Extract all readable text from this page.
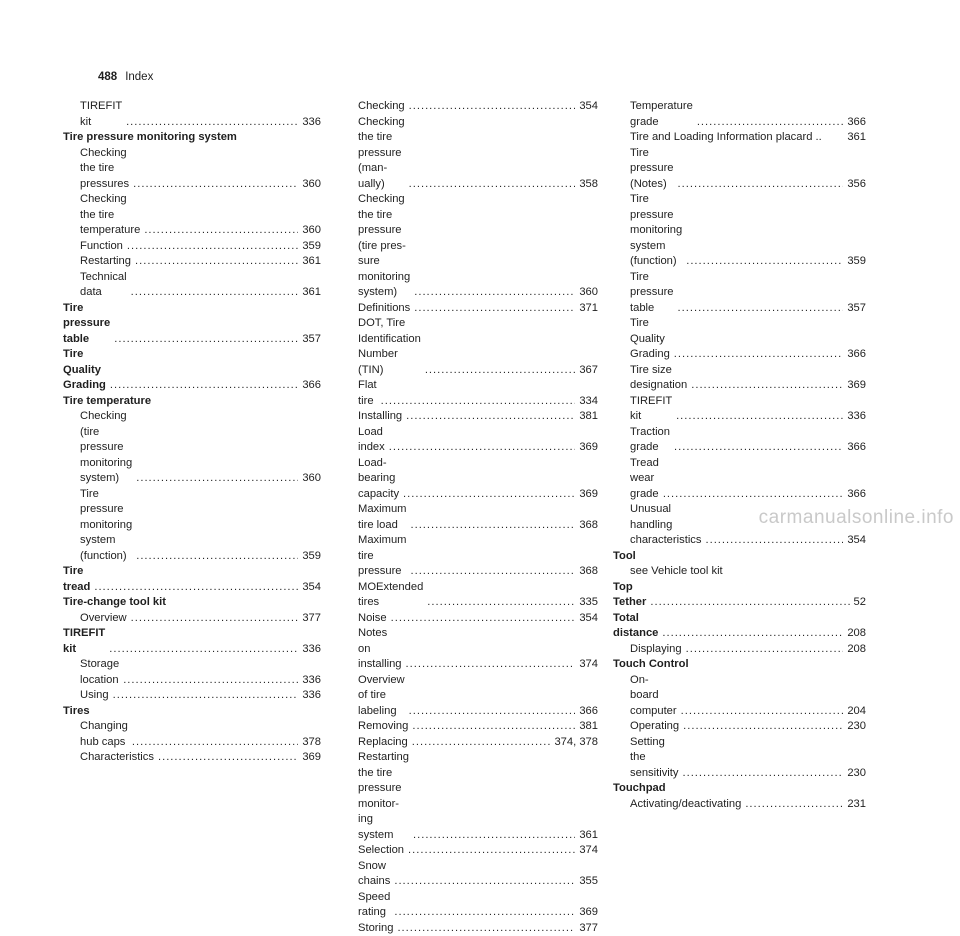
488 Index
TIREFIT kit .....	336
Tire pressure monitoring system
Checking the tire pressures .....	360
Checking the tire temperature .....	360
Function .....	359
Restarting .....	361
Technical data .....	361
Tire pressure table .....	357
Tire Quality Grading .....	366
Tire temperature
Checking (tire pressure monitoring
system) .....	360
Tire pressure monitoring system
(function) .....	359
Tire tread .....	354
Tire-change tool kit
Overview .....	377
TIREFIT kit .....	336
Storage location .....	336
Using .....	336
Tires
Changing hub caps .....	378
Characteristics .....	369
Checking .....	354
Checking the tire pressure (man-
ually) .....	358
Checking the tire pressure (tire pres-
sure monitoring system) .....	360
Definitions .....	371
DOT, Tire Identification Number (TIN) .....	367
Flat tire .....	334
Installing .....	381
Load index .....	369
Load-bearing capacity .....	369
Maximum tire load .....	368
Maximum tire pressure .....	368
MOExtended tires .....	335
Noise .....	354
Notes on installing .....	374
Overview of tire labeling .....	366
Removing .....	381
Replacing .....	374, 378
Restarting the tire pressure monitor-
ing system .....	361
Selection .....	374
Snow chains .....	355
Speed rating .....	369
Storing .....	377
Temperature grade .....	366
Tire and Loading Information placard .. 361
Tire pressure (Notes) .....	356
Tire pressure monitoring system
(function) .....	359
Tire pressure table .....	357
Tire Quality Grading .....	366
Tire size designation .....	369
TIREFIT kit .....	336
Traction grade .....	366
Tread wear grade .....	366
Unusual handling characteristics .....	354
Tool
see Vehicle tool kit
Top Tether .....	52
Total distance .....	208
Displaying .....	208
Touch Control
On-board computer .....	204
Operating .....	230
Setting the sensitivity .....	230
Touchpad
Activating/deactivating .....	231
carmanualsonline.info
